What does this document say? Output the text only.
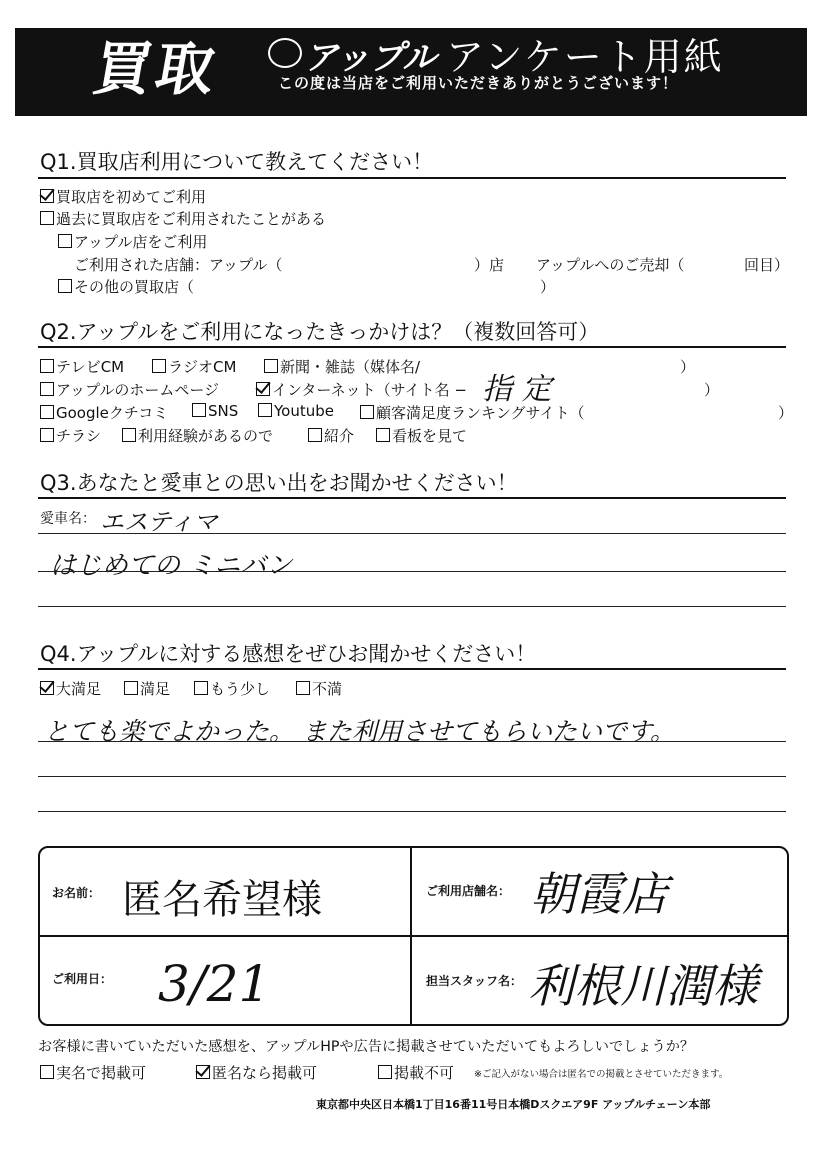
買取 アップル アンケート用紙
この度は当店をご利用いただきありがとうございます！
Q1.買取店利用について教えてください！
買取店を初めてご利用
過去に買取店をご利用されたことがある
アップル店をご利用
ご利用された店舗：アップル（	）店 アップルへのご売却（	回目）
その他の買取店（	）
Q2.アップルをご利用になったきっかけは？（複数回答可）
テレビCM	ラジオCM	新聞・雑誌（媒体名/	）
アップルのホームページ	インターネット（サイト名 − 指 定	）
Googleクチコミ	SNS	Youtube	顧客満足度ランキングサイト（	）
チラシ	利用経験があるので	紹介	看板を見て
Q3.あなたと愛車との思い出をお聞かせください！
愛車名： エスティマ
はじめての ミニバン
Q4.アップルに対する感想をぜひお聞かせください！
大満足	満足	もう少し	不満
とても楽でよかった。 また利用させてもらいたいです。
お名前： 匿名希望様	ご利用店舗名： 朝霞店
ご利用日： 3/21	担当スタッフ名： 利根川潤様
お客様に書いていただいた感想を、アップルHPや広告に掲載させていただいてもよろしいでしょうか？
実名で掲載可	匿名なら掲載可	掲載不可 ※ご記入がない場合は匿名での掲載とさせていただきます。
東京都中央区日本橋1丁目16番11号日本橋Dスクエア9F アップルチェーン本部
